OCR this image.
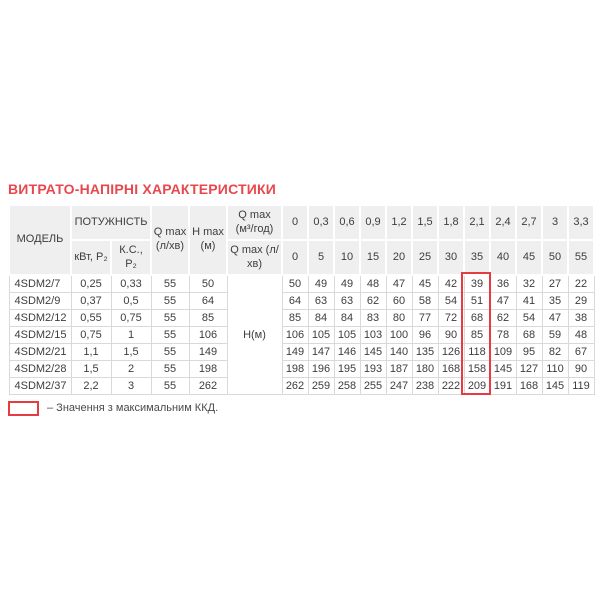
ВИТРАТО-НАПІРНІ ХАРАКТЕРИСТИКИ
МОДЕЛЬ	ПОТУЖНІСТЬ		Q max (л/хв)	H max (м)	Q max (м³/год)	0	0,3	0,6	0,9	1,2	1,5	1,8	2,1	2,4	2,7	3	3,3
	кВт, P₂	К.С., P₂			Q max (л/хв)	0	5	10	15	20	25	30	35	40	45	50	55
4SDM2/7	0,25	0,33	55	50	Н(м)	50	49	49	48	47	45	42	39	36	32	27	22
4SDM2/9	0,37	0,5	55	64		64	63	63	62	60	58	54	51	47	41	35	29
4SDM2/12	0,55	0,75	55	85		85	84	84	83	80	77	72	68	62	54	47	38
4SDM2/15	0,75	1	55	106		106	105	105	103	100	96	90	85	78	68	59	48
4SDM2/21	1,1	1,5	55	149		149	147	146	145	140	135	126	118	109	95	82	67
4SDM2/28	1,5	2	55	198		198	196	195	193	187	180	168	158	145	127	110	90
4SDM2/37	2,2	3	55	262		262	259	258	255	247	238	222	209	191	168	145	119
– Значення з максимальним ККД.
